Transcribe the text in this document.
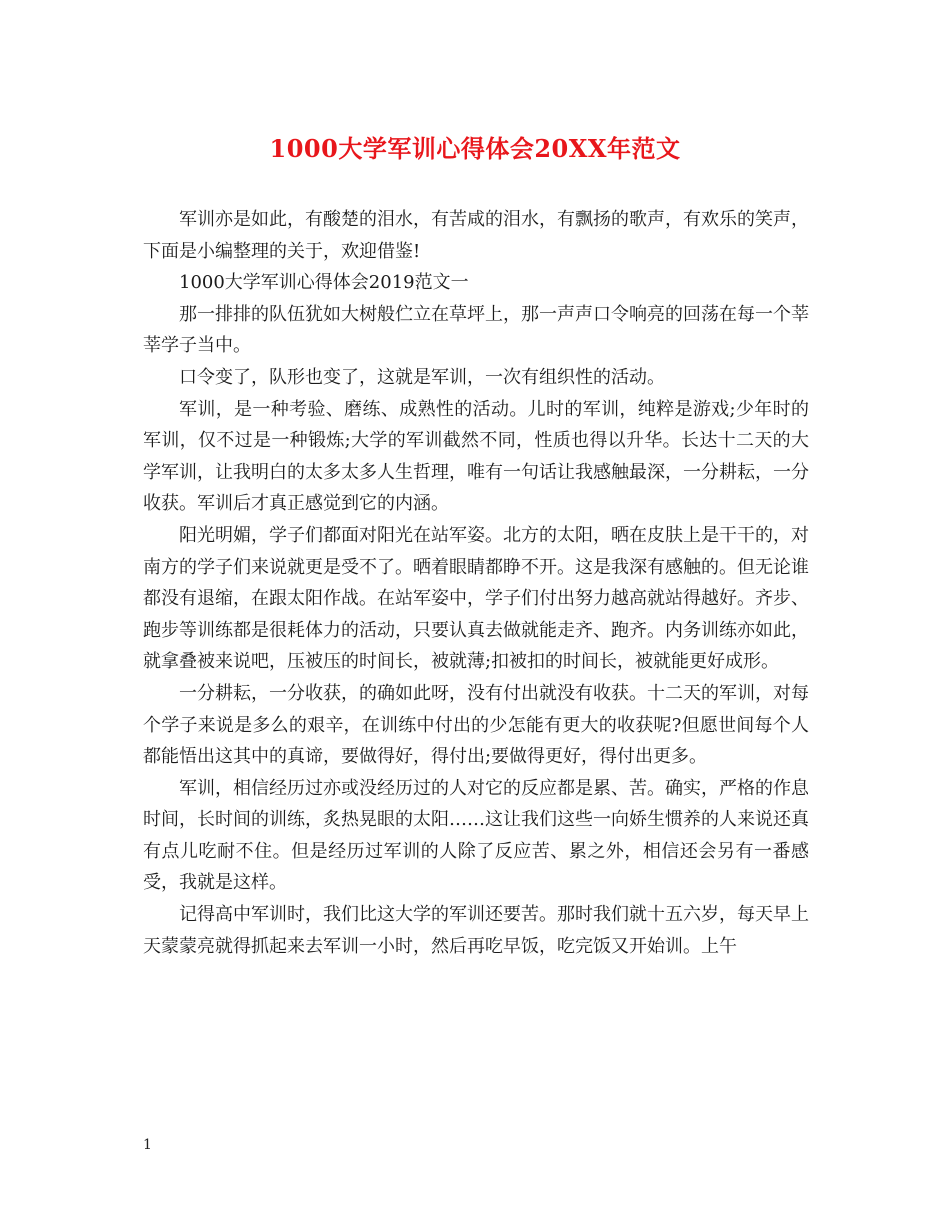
1000大学军训心得体会20XX年范文

军训亦是如此，有酸楚的泪水，有苦咸的泪水，有飘扬的歌声，有欢乐的笑声，下面是小编整理的关于，欢迎借鉴!

1000大学军训心得体会2019范文一

那一排排的队伍犹如大树般伫立在草坪上，那一声声口令响亮的回荡在每一个莘莘学子当中。

口令变了，队形也变了，这就是军训，一次有组织性的活动。

军训，是一种考验、磨练、成熟性的活动。儿时的军训，纯粹是游戏;少年时的军训，仅不过是一种锻炼;大学的军训截然不同，性质也得以升华。长达十二天的大学军训，让我明白的太多太多人生哲理，唯有一句话让我感触最深，一分耕耘，一分收获。军训后才真正感觉到它的内涵。

阳光明媚，学子们都面对阳光在站军姿。北方的太阳，晒在皮肤上是干干的，对南方的学子们来说就更是受不了。晒着眼睛都睁不开。这是我深有感触的。但无论谁都没有退缩，在跟太阳作战。在站军姿中，学子们付出努力越高就站得越好。齐步、跑步等训练都是很耗体力的活动，只要认真去做就能走齐、跑齐。内务训练亦如此，就拿叠被来说吧，压被压的时间长，被就薄;扣被扣的时间长，被就能更好成形。

一分耕耘，一分收获，的确如此呀，没有付出就没有收获。十二天的军训，对每个学子来说是多么的艰辛，在训练中付出的少怎能有更大的收获呢?但愿世间每个人都能悟出这其中的真谛，要做得好，得付出;要做得更好，得付出更多。

军训，相信经历过亦或没经历过的人对它的反应都是累、苦。确实，严格的作息时间，长时间的训练，炙热晃眼的太阳……这让我们这些一向娇生惯养的人来说还真有点儿吃耐不住。但是经历过军训的人除了反应苦、累之外，相信还会另有一番感受，我就是这样。

记得高中军训时，我们比这大学的军训还要苦。那时我们就十五六岁，每天早上天蒙蒙亮就得抓起来去军训一小时，然后再吃早饭，吃完饭又开始训。上午

1
